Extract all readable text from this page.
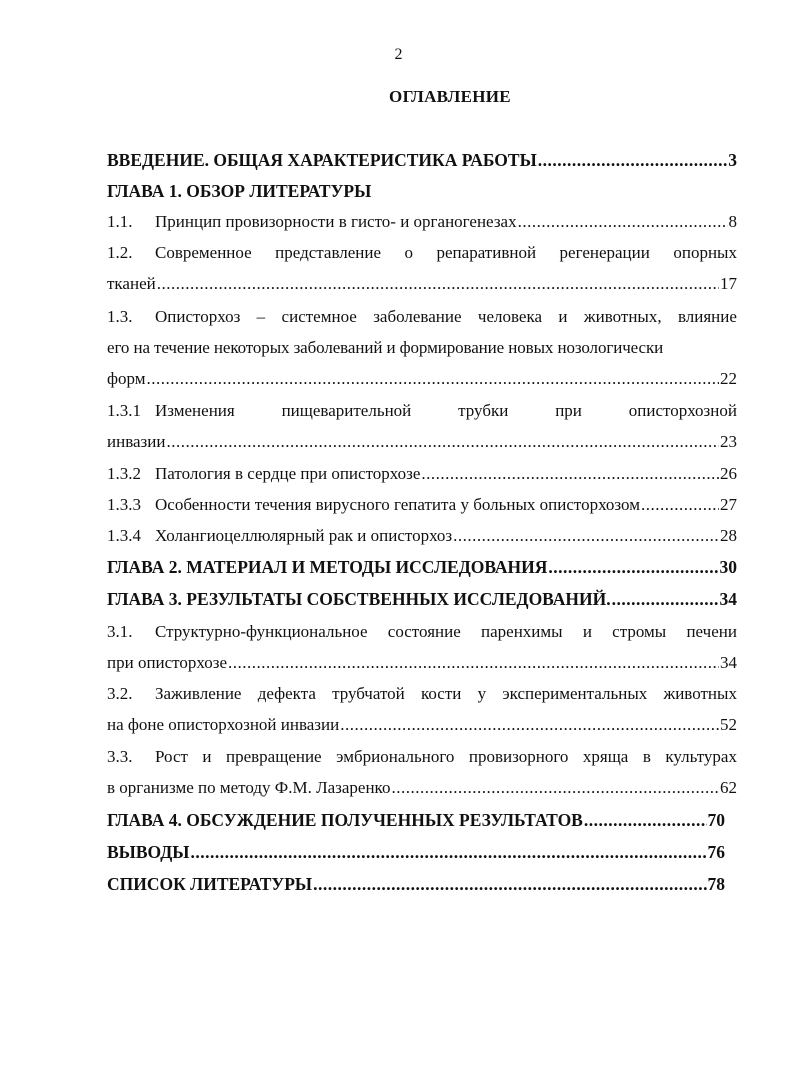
2
ОГЛАВЛЕНИЕ
ВВЕДЕНИЕ. ОБЩАЯ ХАРАКТЕРИСТИКА РАБОТЫ .....	3
ГЛАВА 1. ОБЗОР ЛИТЕРАТУРЫ
1.1.	Принцип провизорности в гисто- и органогенезах .....	8
1.2.	Современное представление о репаративной регенерации опорных
тканей .....	17
1.3.	Описторхоз – системное заболевание человека и животных, влияние
его на течение некоторых заболеваний и формирование новых нозологически
форм .....	22
1.3.1 Изменения	пищеварительной	трубки	при	описторхозной
инвазии .....	23
1.3.2 Патология в сердце при описторхозе .....	26
1.3.3 Особенности течения вирусного гепатита у больных описторхозом .....	27
1.3.4 Холангиоцеллюлярный рак и описторхоз .....	28
ГЛАВА 2. МАТЕРИАЛ И МЕТОДЫ ИССЛЕДОВАНИЯ .....	30
ГЛАВА 3. РЕЗУЛЬТАТЫ СОБСТВЕННЫХ ИССЛЕДОВАНИЙ. .....	34
3.1.	Структурно-функциональное состояние паренхимы и стромы печени
при описторхозе .....	34
3.2.	Заживление дефекта трубчатой кости у экспериментальных животных
на фоне описторхозной инвазии .....	52
3.3.	Рост и превращение эмбрионального провизорного хряща в культурах
в организме по методу Ф.М. Лазаренко .....	62
ГЛАВА 4. ОБСУЖДЕНИЕ ПОЛУЧЕННЫХ РЕЗУЛЬТАТОВ .....	70
ВЫВОДЫ .....	76
СПИСОК ЛИТЕРАТУРЫ .....	78
